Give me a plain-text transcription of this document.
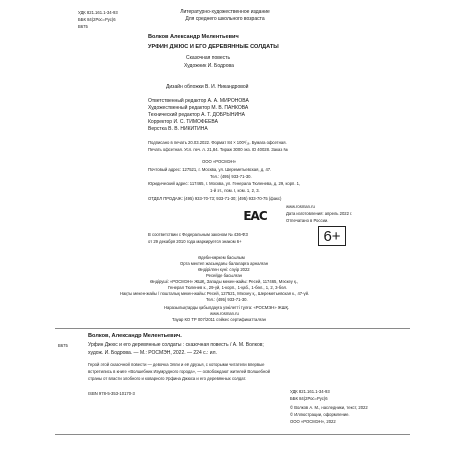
УДК 821.161.1-34-93
ББК 84(2Рос=Рус)6
В675
Литературно-художественное издание
Для среднего школьного возраста
Волков Александр Мелентьевич
УРФИН ДЖЮС И ЕГО ДЕРЕВЯННЫЕ СОЛДАТЫ
Сказочная повесть
Художник И. Бодрова
Дизайн обложки В. И. Никандровой
Ответственный редактор А. А. МИРОНОВА
Художественный редактор М. В. ПАНКОВА
Технический редактор А. Т. ДОБРЫНИНА
Корректор И. С. ТИМОФЕЕВА
Верстка В. В. НИКИТИНА
Подписано в печать 20.03.2022. Формат 84 × 100¹/₁₆. Бумага офсетная.
Печать офсетная. Усл. печ. л. 21,84. Тираж 3000 экз. ID 40028. Заказ №
ООО «РОСМЭН»
Почтовый адрес: 127521, г. Москва, ул. Шереметьевская, д. 47.
Тел.: (495) 933-71-30.
Юридический адрес: 117465, г. Москва, ул. Генерала Тюленева, д. 29, корп. 1,
1-й эт., пом. I, ком. 1, 2, 3.
ОТДЕЛ ПРОДАЖ: (495) 933-70-73; 933-71-30; (495) 933-70-75 (факс)
www.rosman.ru
Дата изготовления: апрель 2022 г.
Отпечатано в России.
EAC
В соответствии с Федеральным законом № 436-ФЗ
от 29 декабря 2010 года маркируется знаком 6+	6+
Әдеби-көркем басылым
Орта мектеп жасындағы балаларға арналған
Өндірілген күні: сәуір 2022
Ресейде басылған
Өндіруші: «РОСМЭН» ЖШҚ, Запады мекен-жайы: Ресей, 117465, Мәскеу қ.,
Генерал Тюленев к., 29-үй, 1-корп., 1-қаб., 1-бөл., 1, 2, 3-бөл.
Нақты мекен-жайы / пошталық мекен-жайы: Ресей, 127521, Мәскеу қ., Шереметьевская к., 47-үй.
Тел.: (495) 933-71-30.
Наразылықтарды қабылдауға уәкілетті тұлға: «РОСМЭН» ЖШҚ.
www.rosman.ru
Тауар КО ТР 007/2011 сәйкес сертификатталған
Волков, Александр Мелентьевич.
В675	Урфин Джюс и его деревянные солдаты : сказочная повесть / А. М. Волков;
худож. И. Бодрова. — М.: РОСМЭН, 2022. — 224 с.: ил.
Герой этой сказочной повести — девочка Элли и её друзья, с которыми читатели впервые
встретились в книге «Волшебник Изумрудного города», — освобождают жителей Волшебной
страны от власти злобного и коварного Урфина Джюса и его деревянных солдат.
ISBN 978-5-353-10170-3	УДК 821.161.1-34-93
ББК 84(2Рос=Рус)6
© Волков А. М., наследники, текст, 2022
© Иллюстрации, оформление.
ООО «РОСМЭН», 2022
